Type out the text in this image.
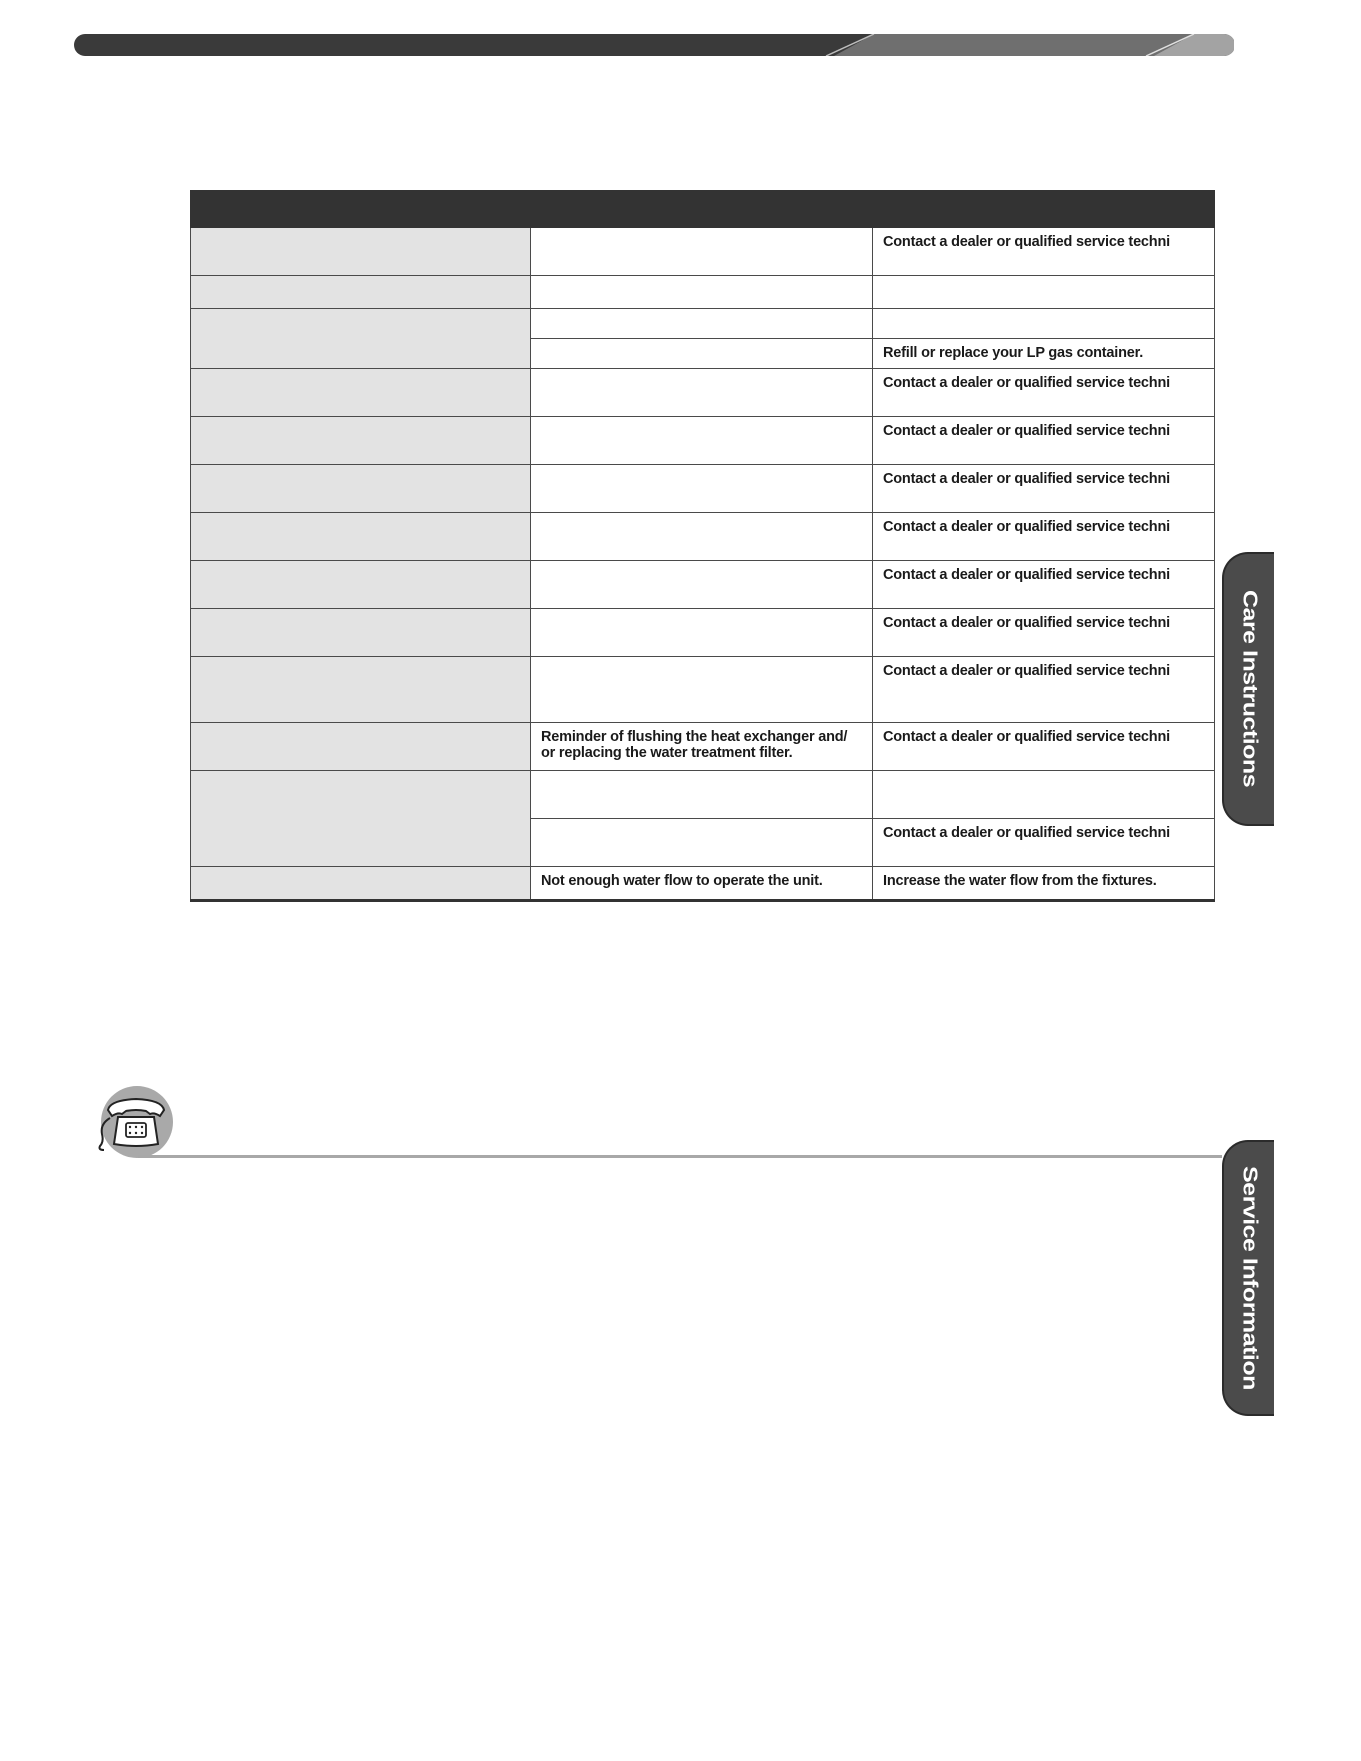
		Contact a dealer or qualified service techni

		Refill or replace your LP gas container.
		Contact a dealer or qualified service techni
		Contact a dealer or qualified service techni
		Contact a dealer or qualified service techni
		Contact a dealer or qualified service techni
		Contact a dealer or qualified service techni
		Contact a dealer or qualified service techni
		Contact a dealer or qualified service techni
	Reminder of flushing the heat exchanger and/ or replacing the water treatment filter.	Contact a dealer or qualified service techni

		Contact a dealer or qualified service techni
	Not enough water flow to operate the unit.	Increase the water flow from the fixtures.
Care Instructions
Service Information
